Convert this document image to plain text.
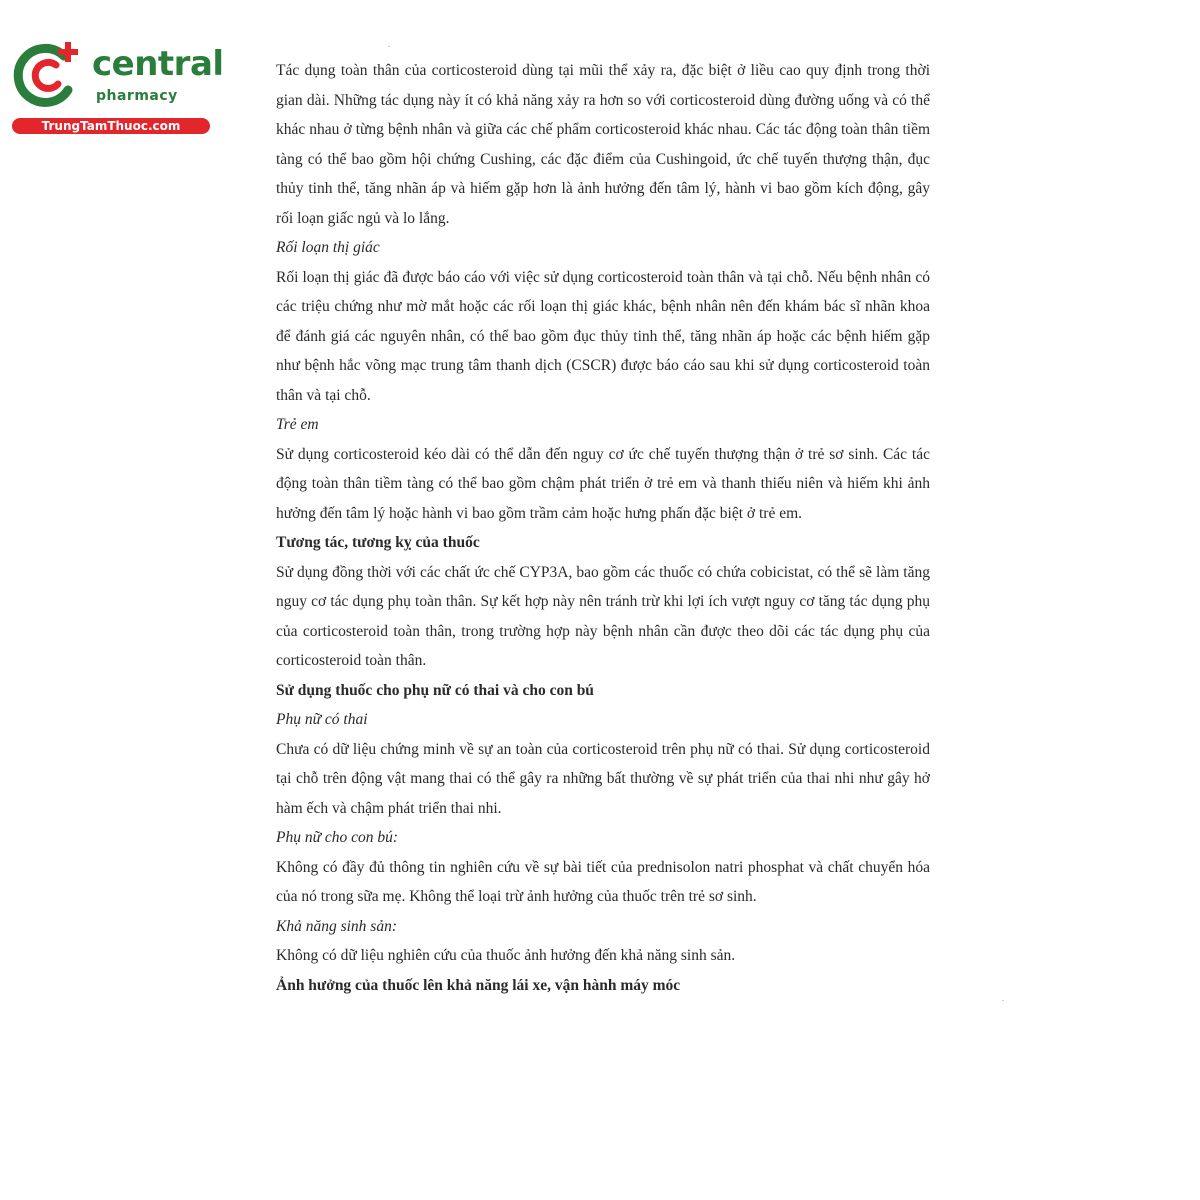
central
pharmacy
TrungTamThuoc.com

Tác dụng toàn thân của corticosteroid dùng tại mũi thể xảy ra, đặc biệt ở liều cao quy định trong thời gian dài. Những tác dụng này ít có khả năng xảy ra hơn so với corticosteroid dùng đường uống và có thể khác nhau ở từng bệnh nhân và giữa các chế phẩm corticosteroid khác nhau. Các tác động toàn thân tiềm tàng có thể bao gồm hội chứng Cushing, các đặc điểm của Cushingoid, ức chế tuyến thượng thận, đục thủy tinh thể, tăng nhãn áp và hiếm gặp hơn là ảnh hưởng đến tâm lý, hành vi bao gồm kích động, gây rối loạn giấc ngủ và lo lắng.

Rối loạn thị giác

Rối loạn thị giác đã được báo cáo với việc sử dụng corticosteroid toàn thân và tại chỗ. Nếu bệnh nhân có các triệu chứng như mờ mắt hoặc các rối loạn thị giác khác, bệnh nhân nên đến khám bác sĩ nhãn khoa để đánh giá các nguyên nhân, có thể bao gồm đục thủy tinh thể, tăng nhãn áp hoặc các bệnh hiếm gặp như bệnh hắc võng mạc trung tâm thanh dịch (CSCR) được báo cáo sau khi sử dụng corticosteroid toàn thân và tại chỗ.

Trẻ em

Sử dụng corticosteroid kéo dài có thể dẫn đến nguy cơ ức chế tuyến thượng thận ở trẻ sơ sinh. Các tác động toàn thân tiềm tàng có thể bao gồm chậm phát triển ở trẻ em và thanh thiếu niên và hiếm khi ảnh hưởng đến tâm lý hoặc hành vi bao gồm trầm cảm hoặc hưng phấn đặc biệt ở trẻ em.

Tương tác, tương kỵ của thuốc

Sử dụng đồng thời với các chất ức chế CYP3A, bao gồm các thuốc có chứa cobicistat, có thể sẽ làm tăng nguy cơ tác dụng phụ toàn thân. Sự kết hợp này nên tránh trừ khi lợi ích vượt nguy cơ tăng tác dụng phụ của corticosteroid toàn thân, trong trường hợp này bệnh nhân cần được theo dõi các tác dụng phụ của corticosteroid toàn thân.

Sử dụng thuốc cho phụ nữ có thai và cho con bú

Phụ nữ có thai

Chưa có dữ liệu chứng minh về sự an toàn của corticosteroid trên phụ nữ có thai. Sử dụng corticosteroid tại chỗ trên động vật mang thai có thể gây ra những bất thường về sự phát triển của thai nhi như gây hở hàm ếch và chậm phát triển thai nhi.

Phụ nữ cho con bú:

Không có đầy đủ thông tin nghiên cứu về sự bài tiết của prednisolon natri phosphat và chất chuyển hóa của nó trong sữa mẹ. Không thể loại trừ ảnh hưởng của thuốc trên trẻ sơ sinh.

Khả năng sinh sản:

Không có dữ liệu nghiên cứu của thuốc ảnh hưởng đến khả năng sinh sản.

Ảnh hưởng của thuốc lên khả năng lái xe, vận hành máy móc
